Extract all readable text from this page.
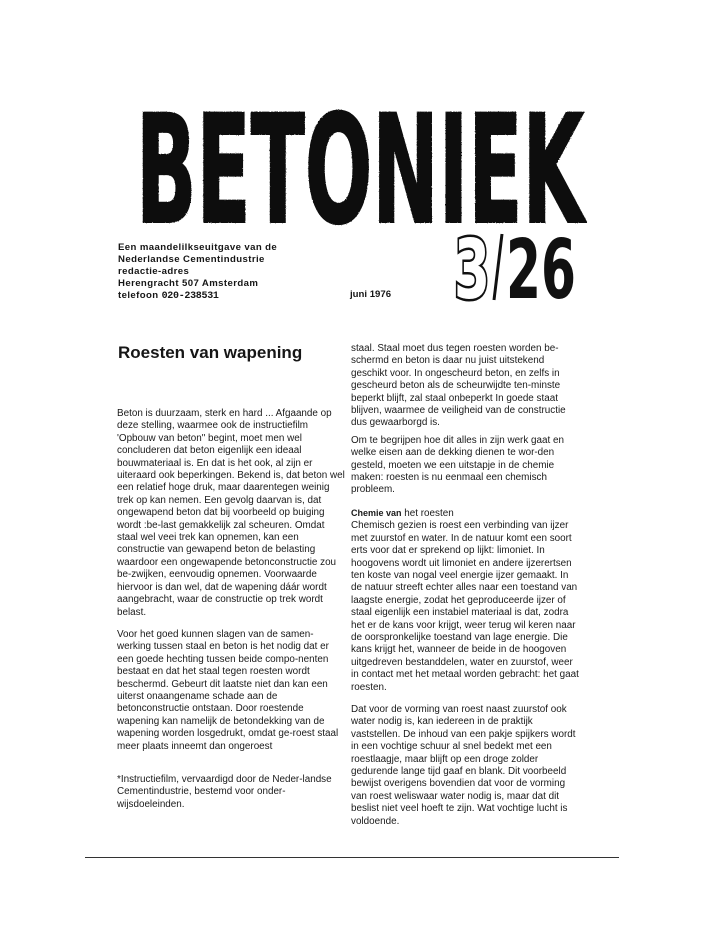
BETONIEK
3 26
Een maandelilkseuitgave van de
Nederlandse Cementindustrie
redactie-adres
Herengracht 507 Amsterdam
telefoon 020-238531	juni 1976
Roesten van wapening

Beton is duurzaam, sterk en hard ... Afgaande op deze stelling, waarmee ook de instructiefilm 'Opbouw van beton" begint, moet men wel concluderen dat beton eigenlijk een ideaal bouwmateriaal is. En dat is het ook, al zijn er uiteraard ook beperkingen. Bekend is, dat beton wel een relatief hoge druk, maar daarentegen weinig trek op kan nemen. Een gevolg daarvan is, dat ongewapend beton dat bij voorbeeld op buiging wordt :be-last gemakkelijk zal scheuren. Omdat staal wel veei trek kan opnemen, kan een constructie van gewapend beton de belasting waardoor een ongewapende betonconstructie zou be-zwijken, eenvoudig opnemen. Voorwaarde hiervoor is dan wel, dat de wapening dáár wordt aangebracht, waar de constructie op trek wordt belast.

Voor het goed kunnen slagen van de samen-werking tussen staal en beton is het nodig dat er een goede hechting tussen beide compo-nenten bestaat en dat het staal tegen roesten wordt beschermd. Gebeurt dit laatste niet dan kan een uiterst onaangename schade aan de betonconstructie ontstaan. Door roestende wapening kan namelijk de betondekking van de wapening worden losgedrukt, omdat ge-roest staal meer plaats inneemt dan ongeroest

*Instructiefilm, vervaardigd door de Neder-landse Cementindustrie, bestemd voor onder-wijsdoeleinden.

staal. Staal moet dus tegen roesten worden be-schermd en beton is daar nu juist uitstekend geschikt voor. In ongescheurd beton, en zelfs in gescheurd beton als de scheurwijdte ten-minste beperkt blijft, zal staal onbeperkt In goede staat blijven, waarmee de veiligheid van de constructie dus gewaarborgd is.

Om te begrijpen hoe dit alles in zijn werk gaat en welke eisen aan de dekking dienen te wor-den gesteld, moeten we een uitstapje in de chemie maken: roesten is nu eenmaal een chemisch probleem.

Chemie van het roesten

Chemisch gezien is roest een verbinding van ijzer met zuurstof en water. In de natuur komt een soort erts voor dat er sprekend op lijkt: limoniet. In hoogovens wordt uit limoniet en andere ijzerertsen ten koste van nogal veel energie ijzer gemaakt. In de natuur streeft echter alles naar een toestand van laagste energie, zodat het geproduceerde ijzer of staal eigenlijk een instabiel materiaal is dat, zodra het er de kans voor krijgt, weer terug wil keren naar de oorspronkelijke toestand van lage energie. Die kans krijgt het, wanneer de beide in de hoogoven uitgedreven bestanddelen, water en zuurstof, weer in contact met het metaal worden gebracht: het gaat roesten.

Dat voor de vorming van roest naast zuurstof ook water nodig is, kan iedereen in de praktijk vaststellen. De inhoud van een pakje spijkers wordt in een vochtige schuur al snel bedekt met een roestlaagje, maar blijft op een droge zolder gedurende lange tijd gaaf en blank. Dit voorbeeld bewijst overigens bovendien dat voor de vorming van roest weliswaar water nodig is, maar dat dit beslist niet veel hoeft te zijn. Wat vochtige lucht is voldoende.
